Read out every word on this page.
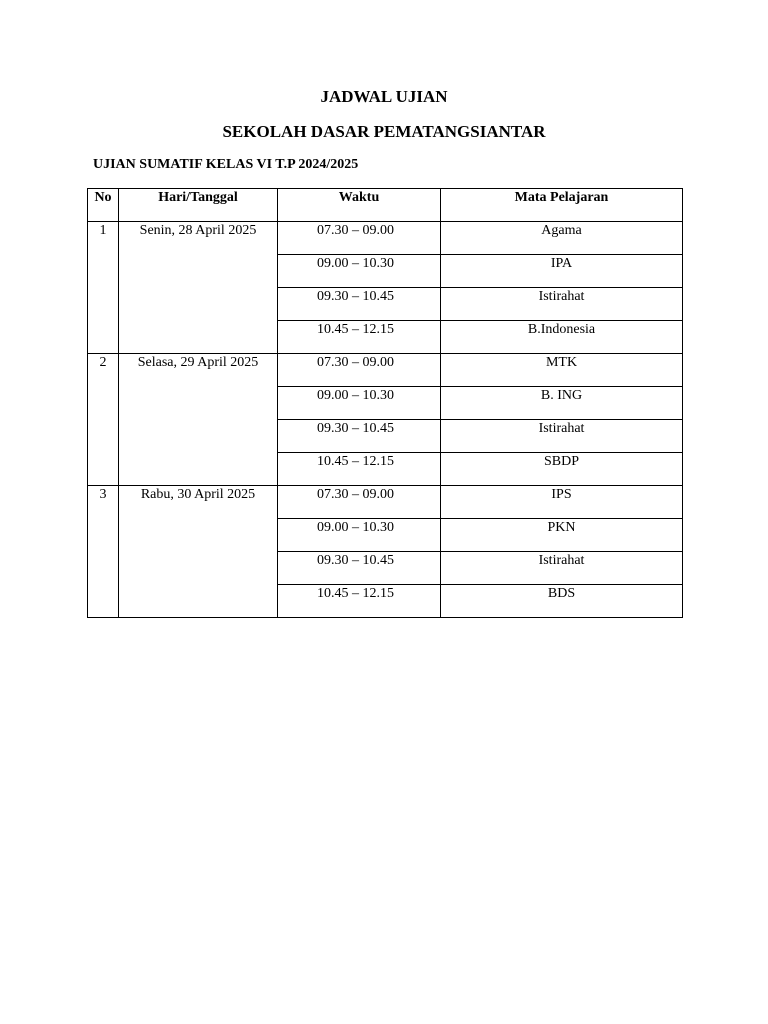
JADWAL UJIAN
SEKOLAH DASAR PEMATANGSIANTAR

UJIAN SUMATIF KELAS VI T.P 2024/2025

No	Hari/Tanggal	Waktu	Mata Pelajaran

1	Senin, 28 April 2025	07.30 – 09.00	Agama

		09.00 – 10.30	IPA

		09.30 – 10.45	Istirahat

		10.45 – 12.15	B.Indonesia

2	Selasa, 29 April 2025	07.30 – 09.00	MTK

		09.00 – 10.30	B. ING

		09.30 – 10.45	Istirahat

		10.45 – 12.15	SBDP

3	Rabu, 30 April 2025	07.30 – 09.00	IPS

		09.00 – 10.30	PKN

		09.30 – 10.45	Istirahat

		10.45 – 12.15	BDS
